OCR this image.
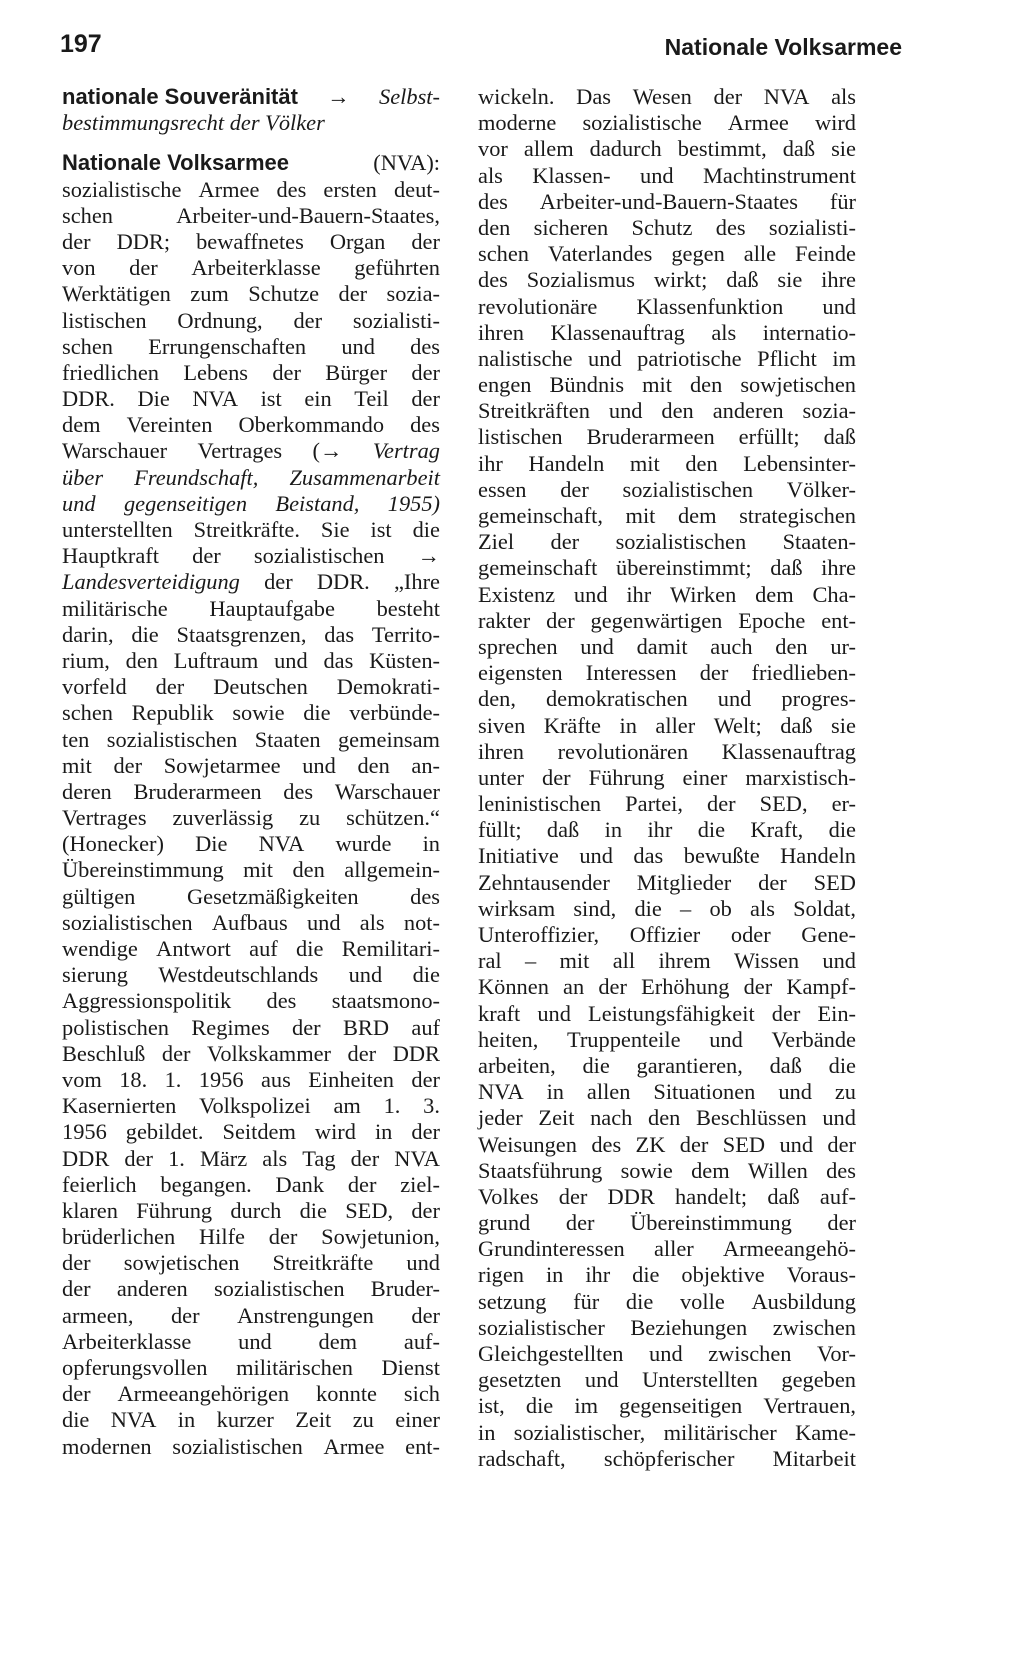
197	Nationale Volksarmee
nationale Souveränität → Selbst-
bestimmungsrecht der Völker
Nationale Volksarmee	(NVA):
sozialistische Armee des ersten deut-
schen	Arbeiter-und-Bauern-Staates,
der DDR; bewaffnetes Organ der
von der Arbeiterklasse geführten
Werktätigen zum Schutze der sozia-
listischen Ordnung, der sozialisti-
schen Errungenschaften und des
friedlichen Lebens der Bürger der
DDR. Die NVA ist ein Teil der
dem Vereinten Oberkommando des
Warschauer Vertrages (→ Vertrag
über Freundschaft, Zusammenarbeit
und gegenseitigen Beistand, 1955)
unterstellten Streitkräfte. Sie ist die
Hauptkraft der sozialistischen →
Landesverteidigung der DDR. „Ihre
militärische Hauptaufgabe besteht
darin, die Staatsgrenzen, das Territo-
rium, den Luftraum und das Küsten-
vorfeld der Deutschen Demokrati-
schen Republik sowie die verbünde-
ten sozialistischen Staaten gemeinsam
mit der Sowjetarmee und den an-
deren Bruderarmeen des Warschauer
Vertrages zuverlässig zu schützen.“
(Honecker) Die NVA wurde in
Übereinstimmung mit den allgemein-
gültigen Gesetzmäßigkeiten des
sozialistischen Aufbaus und als not-
wendige Antwort auf die Remilitari-
sierung Westdeutschlands und die
Aggressionspolitik des staatsmono-
polistischen Regimes der BRD auf
Beschluß der Volkskammer der DDR
vom 18. 1. 1956 aus Einheiten der
Kasernierten Volkspolizei am 1. 3.
1956 gebildet. Seitdem wird in der
DDR der 1. März als Tag der NVA
feierlich begangen. Dank der ziel-
klaren Führung durch die SED, der
brüderlichen Hilfe der Sowjetunion,
der sowjetischen Streitkräfte und
der anderen sozialistischen Bruder-
armeen, der Anstrengungen der
Arbeiterklasse und dem auf-
opferungsvollen militärischen Dienst
der Armeeangehörigen konnte sich
die NVA in kurzer Zeit zu einer
modernen sozialistischen Armee ent-
wickeln. Das Wesen der NVA als
moderne sozialistische Armee wird
vor allem dadurch bestimmt, daß sie
als Klassen- und Machtinstrument
des Arbeiter-und-Bauern-Staates für
den sicheren Schutz des sozialisti-
schen Vaterlandes gegen alle Feinde
des Sozialismus wirkt; daß sie ihre
revolutionäre Klassenfunktion und
ihren Klassenauftrag als internatio-
nalistische und patriotische Pflicht im
engen Bündnis mit den sowjetischen
Streitkräften und den anderen sozia-
listischen Bruderarmeen erfüllt; daß
ihr Handeln mit den Lebensinter-
essen der sozialistischen Völker-
gemeinschaft, mit dem strategischen
Ziel der sozialistischen Staaten-
gemeinschaft übereinstimmt; daß ihre
Existenz und ihr Wirken dem Cha-
rakter der gegenwärtigen Epoche ent-
sprechen und damit auch den ur-
eigensten Interessen der friedlieben-
den, demokratischen und progres-
siven Kräfte in aller Welt; daß sie
ihren revolutionären Klassenauftrag
unter der Führung einer marxistisch-
leninistischen Partei, der SED, er-
füllt; daß in ihr die Kraft, die
Initiative und das bewußte Handeln
Zehntausender Mitglieder der SED
wirksam sind, die – ob als Soldat,
Unteroffizier, Offizier oder Gene-
ral – mit all ihrem Wissen und
Können an der Erhöhung der Kampf-
kraft und Leistungsfähigkeit der Ein-
heiten, Truppenteile und Verbände
arbeiten, die garantieren, daß die
NVA in allen Situationen und zu
jeder Zeit nach den Beschlüssen und
Weisungen des ZK der SED und der
Staatsführung sowie dem Willen des
Volkes der DDR handelt; daß auf-
grund der Übereinstimmung der
Grundinteressen aller Armeeangehö-
rigen in ihr die objektive Voraus-
setzung für die volle Ausbildung
sozialistischer Beziehungen zwischen
Gleichgestellten und zwischen Vor-
gesetzten und Unterstellten gegeben
ist, die im gegenseitigen Vertrauen,
in sozialistischer, militärischer Kame-
radschaft, schöpferischer Mitarbeit
